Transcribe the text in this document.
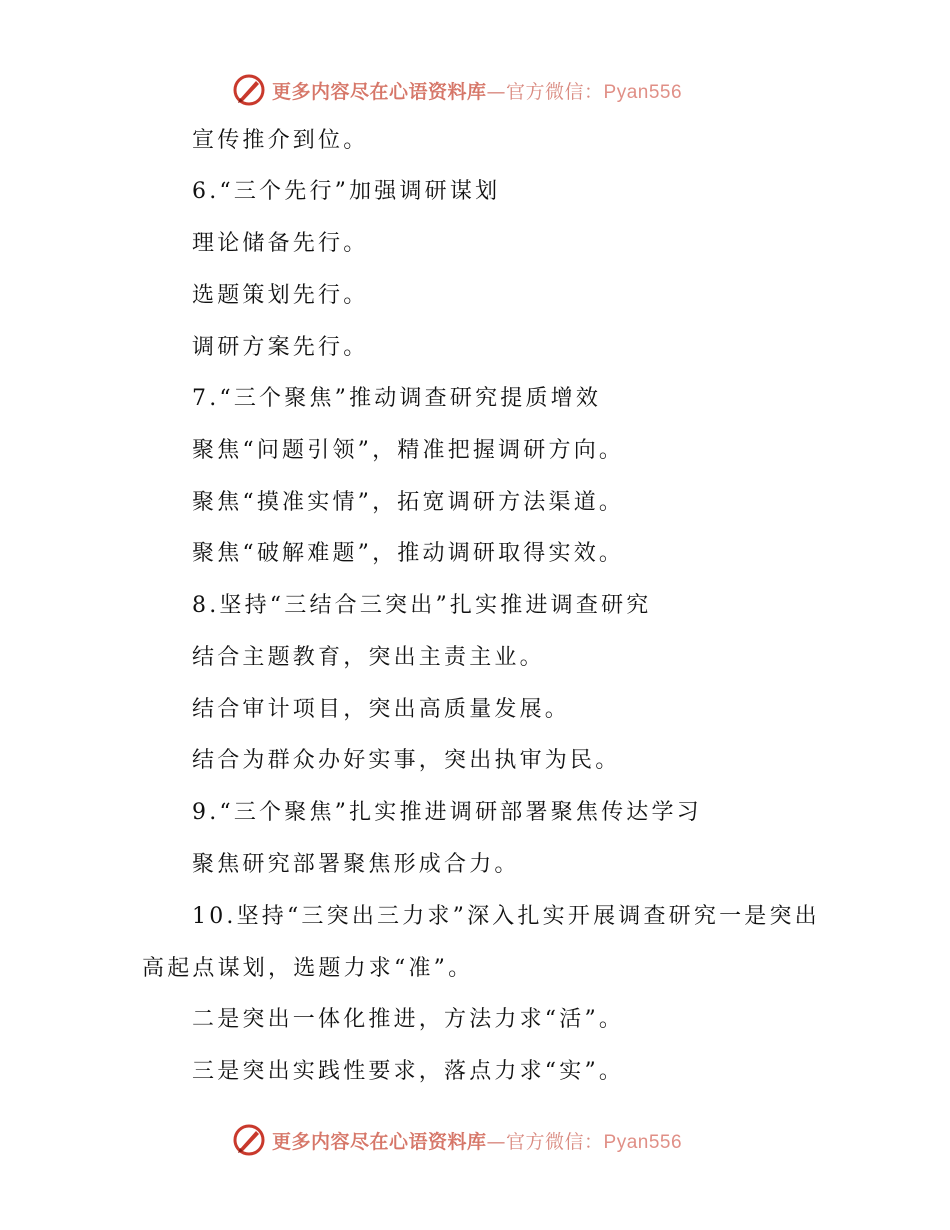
更多内容尽在心语资料库—官方微信：Pyan556
宣传推介到位。
6.“三个先行”加强调研谋划
理论储备先行。
选题策划先行。
调研方案先行。
7.“三个聚焦”推动调查研究提质增效
聚焦“问题引领”，精准把握调研方向。
聚焦“摸准实情”，拓宽调研方法渠道。
聚焦“破解难题”，推动调研取得实效。
8.坚持“三结合三突出”扎实推进调查研究
结合主题教育，突出主责主业。
结合审计项目，突出高质量发展。
结合为群众办好实事，突出执审为民。
9.“三个聚焦”扎实推进调研部署聚焦传达学习
聚焦研究部署聚焦形成合力。
10.坚持“三突出三力求”深入扎实开展调查研究一是突出高起点谋划，选题力求“准”。
二是突出一体化推进，方法力求“活”。
三是突出实践性要求，落点力求“实”。
更多内容尽在心语资料库—官方微信：Pyan556
